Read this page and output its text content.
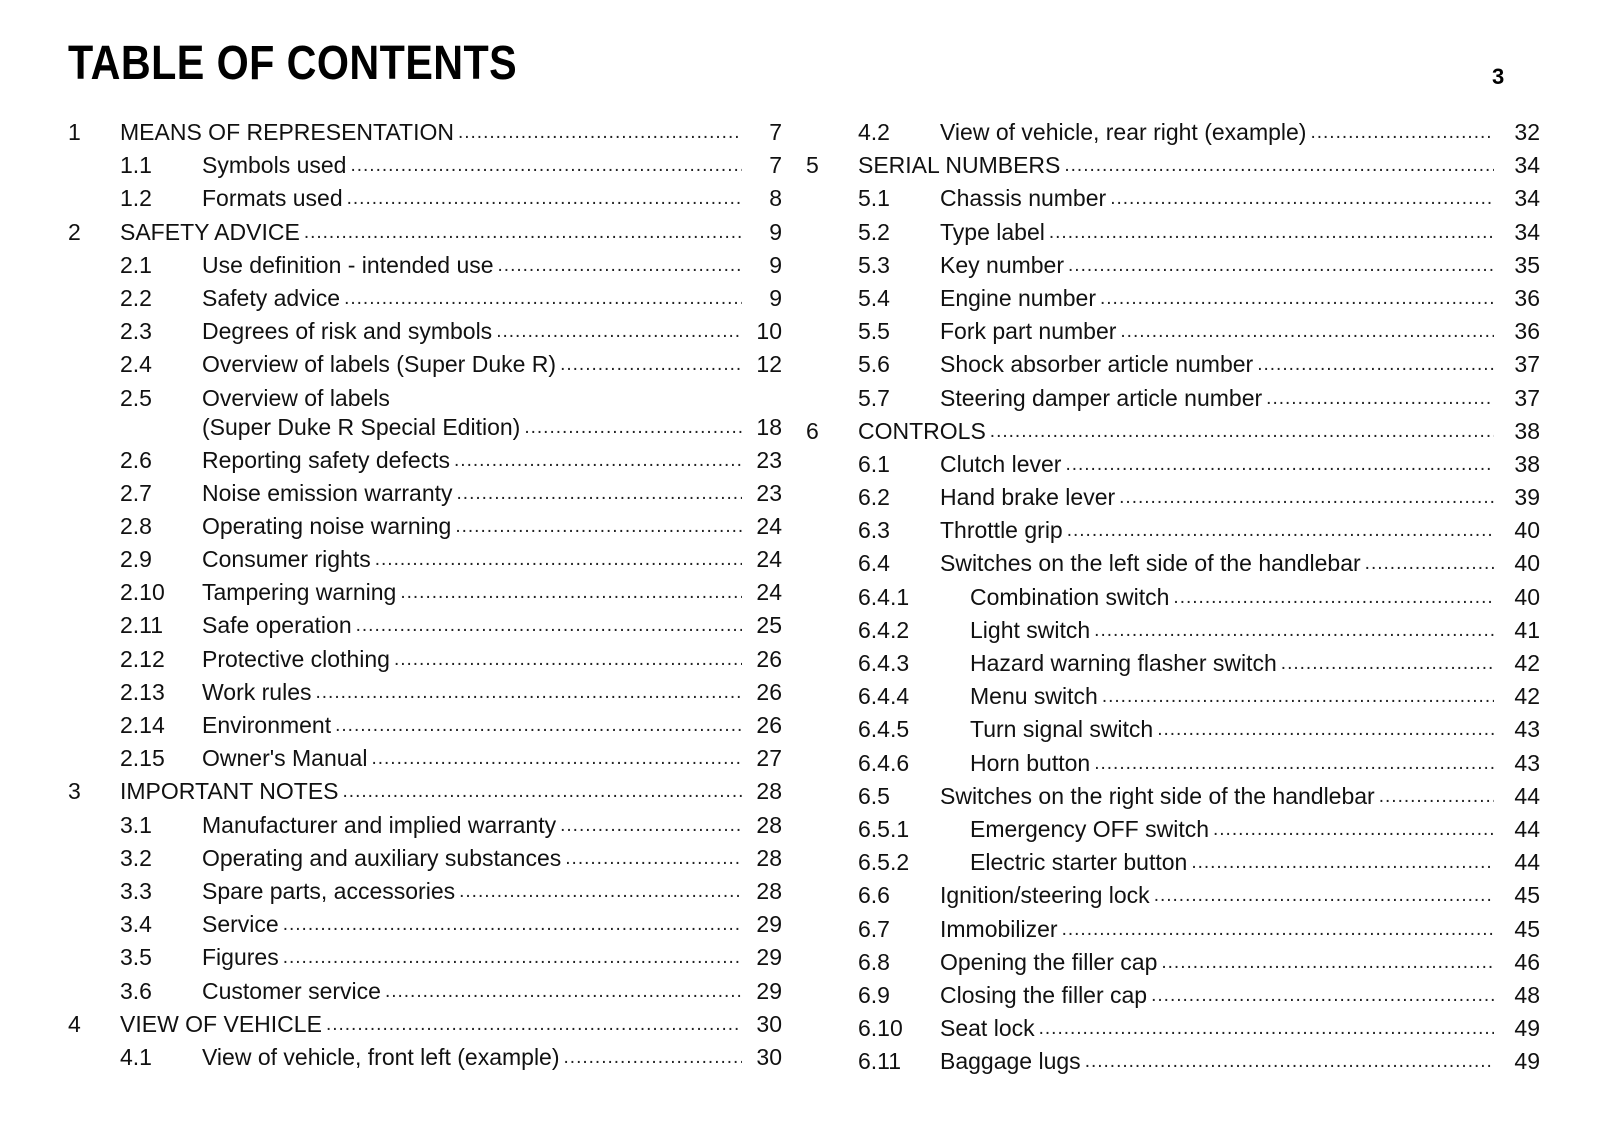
TABLE OF CONTENTS	3
1 MEANS OF REPRESENTATION .....	7
1.1 Symbols used .....	7
1.2 Formats used .....	8
2 SAFETY ADVICE .....	9
2.1 Use definition - intended use .....	9
2.2 Safety advice .....	9
2.3 Degrees of risk and symbols .....	10
2.4 Overview of labels (Super Duke R) .....	12
2.5 Overview of labels
(Super Duke R Special Edition) .....	18
2.6 Reporting safety defects .....	23
2.7 Noise emission warranty .....	23
2.8 Operating noise warning .....	24
2.9 Consumer rights .....	24
2.10 Tampering warning .....	24
2.11 Safe operation .....	25
2.12 Protective clothing .....	26
2.13 Work rules .....	26
2.14 Environment .....	26
2.15 Owner's Manual .....	27
3 IMPORTANT NOTES .....	28
3.1 Manufacturer and implied warranty .....	28
3.2 Operating and auxiliary substances .....	28
3.3 Spare parts, accessories .....	28
3.4 Service .....	29
3.5 Figures .....	29
3.6 Customer service .....	29
4 VIEW OF VEHICLE .....	30
4.1 View of vehicle, front left (example) .....	30
4.2 View of vehicle, rear right (example) .....	32
5 SERIAL NUMBERS .....	34
5.1 Chassis number .....	34
5.2 Type label .....	34
5.3 Key number .....	35
5.4 Engine number .....	36
5.5 Fork part number .....	36
5.6 Shock absorber article number .....	37
5.7 Steering damper article number .....	37
6 CONTROLS .....	38
6.1 Clutch lever .....	38
6.2 Hand brake lever .....	39
6.3 Throttle grip .....	40
6.4 Switches on the left side of the handlebar .....	40
6.4.1	Combination switch .....	40
6.4.2	Light switch .....	41
6.4.3	Hazard warning flasher switch .....	42
6.4.4	Menu switch .....	42
6.4.5	Turn signal switch .....	43
6.4.6	Horn button .....	43
6.5 Switches on the right side of the handlebar .....	44
6.5.1	Emergency OFF switch .....	44
6.5.2	Electric starter button .....	44
6.6 Ignition/steering lock .....	45
6.7 Immobilizer .....	45
6.8 Opening the filler cap .....	46
6.9 Closing the filler cap .....	48
6.10 Seat lock .....	49
6.11 Baggage lugs .....	49
